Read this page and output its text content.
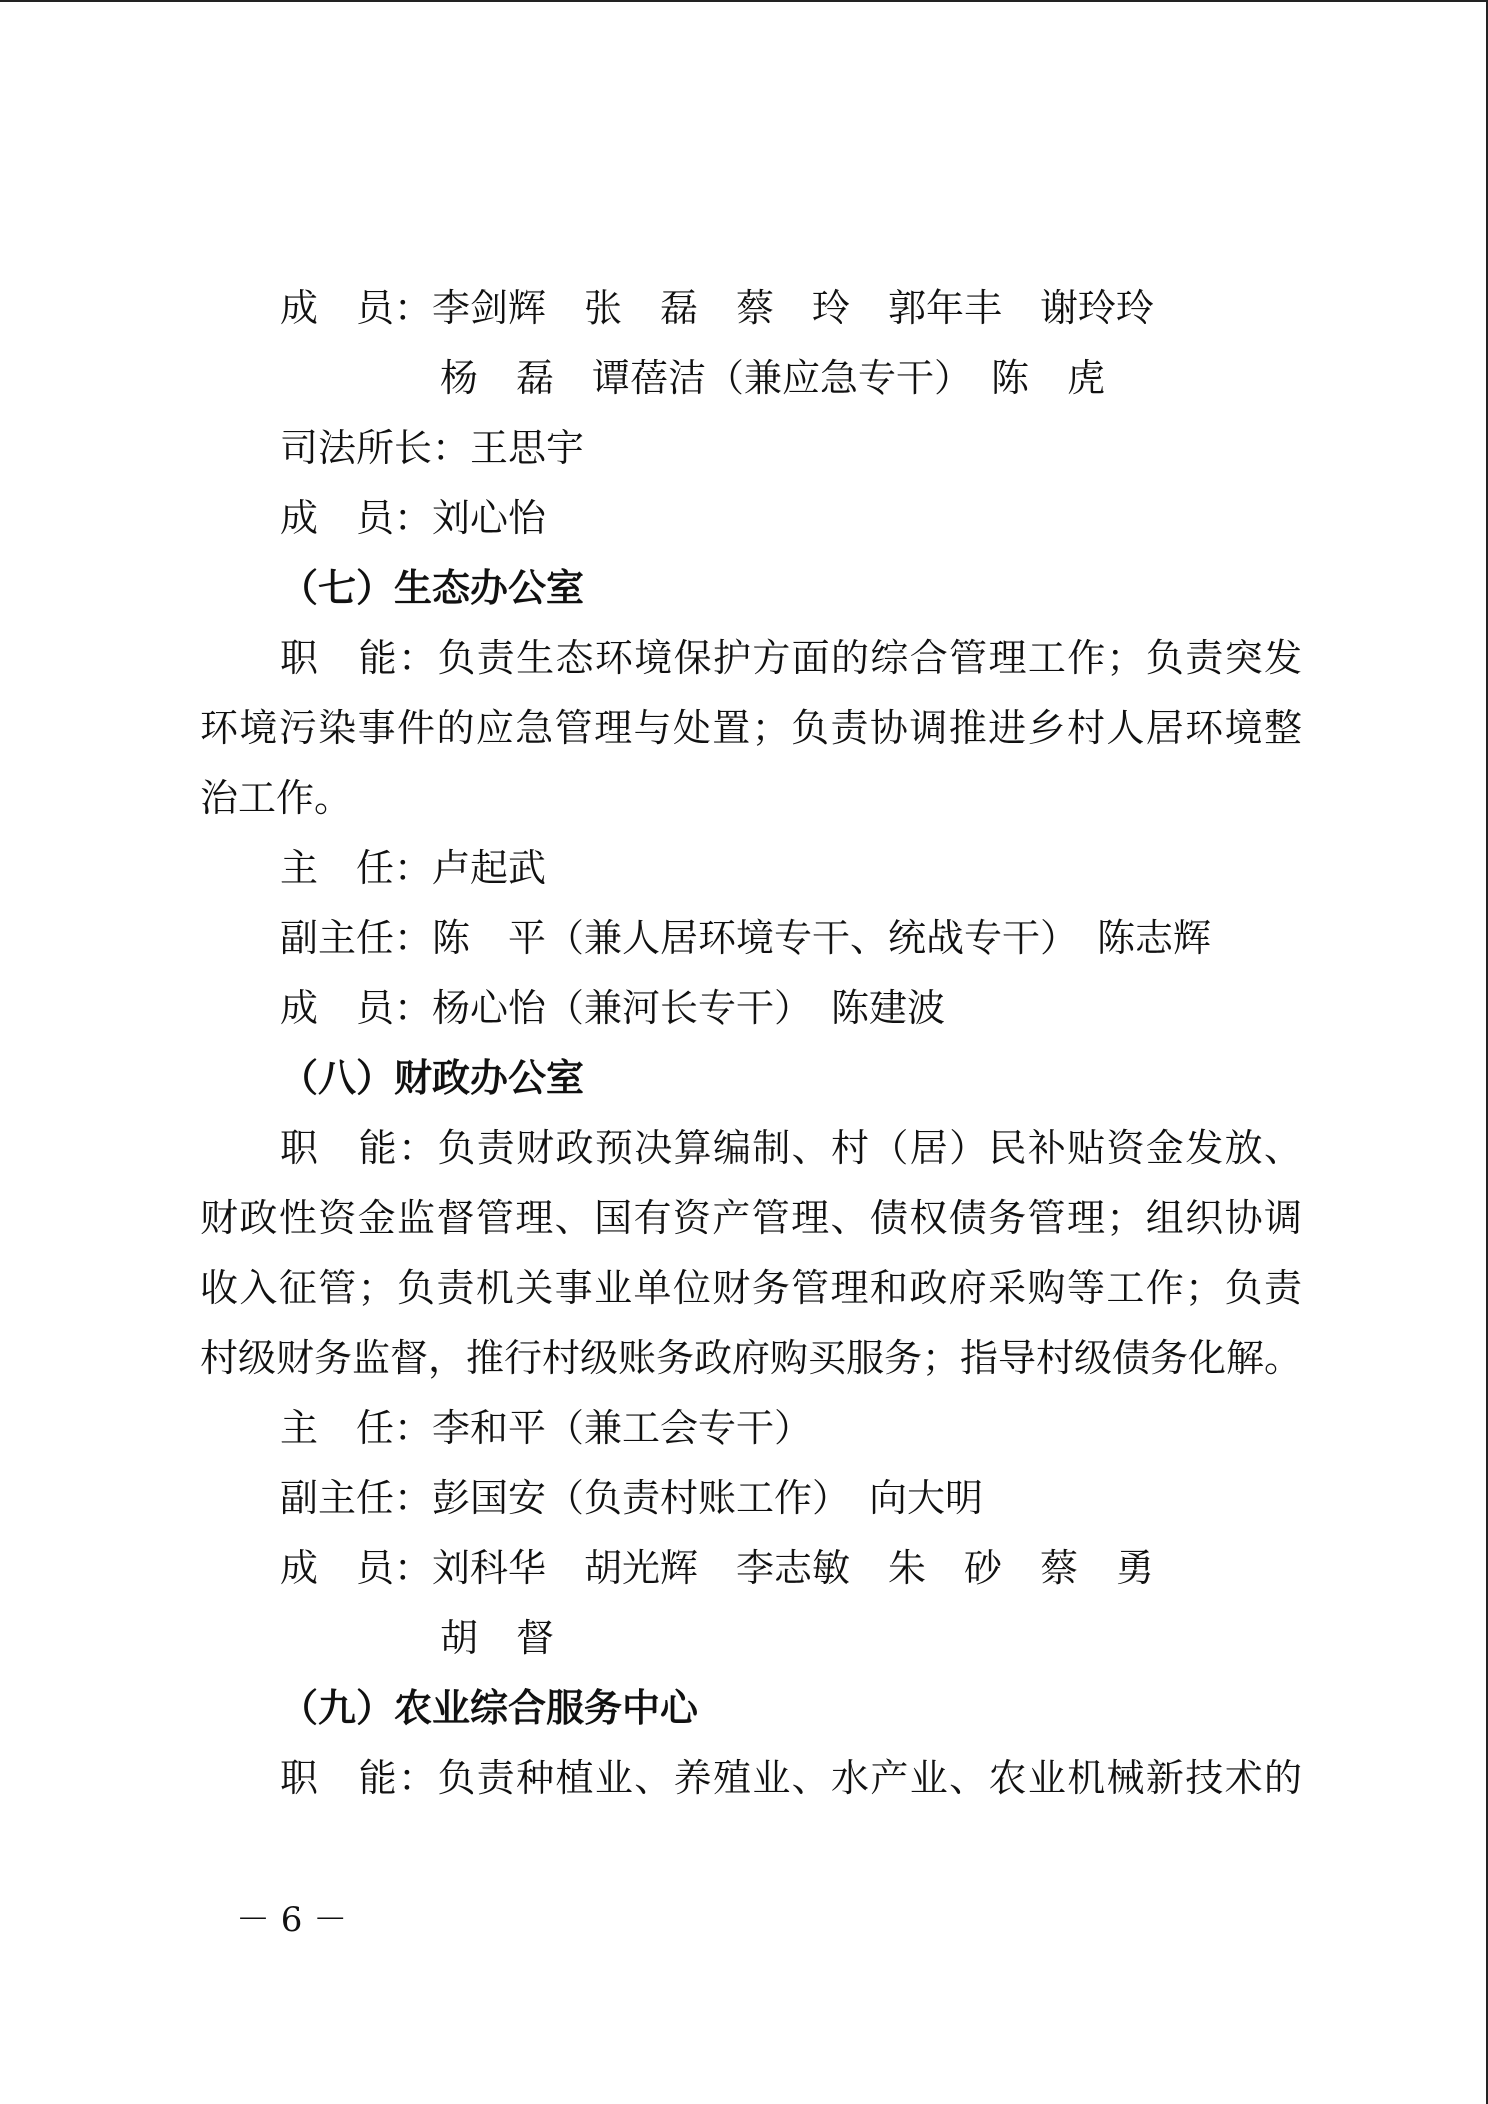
成　员：李剑辉　张　磊　蔡　玲　郭年丰　谢玲玲
杨　磊　谭蓓洁（兼应急专干）　陈　虎
司法所长：王思宇
成　员：刘心怡
（七）生态办公室
职　能：负责生态环境保护方面的综合管理工作；负责突发
环境污染事件的应急管理与处置；负责协调推进乡村人居环境整
治工作。
主　任：卢起武
副主任：陈　平（兼人居环境专干、统战专干）　陈志辉
成　员：杨心怡（兼河长专干）　陈建波
（八）财政办公室
职　能：负责财政预决算编制、村（居）民补贴资金发放、
财政性资金监督管理、国有资产管理、债权债务管理；组织协调
收入征管；负责机关事业单位财务管理和政府采购等工作；负责
村级财务监督，推行村级账务政府购买服务；指导村级债务化解。
主　任：李和平（兼工会专干）
副主任：彭国安（负责村账工作）　向大明
成　员：刘科华　胡光辉　李志敏　朱　砂　蔡　勇
胡　督
（九）农业综合服务中心
职　能：负责种植业、养殖业、水产业、农业机械新技术的
－ 6 －
